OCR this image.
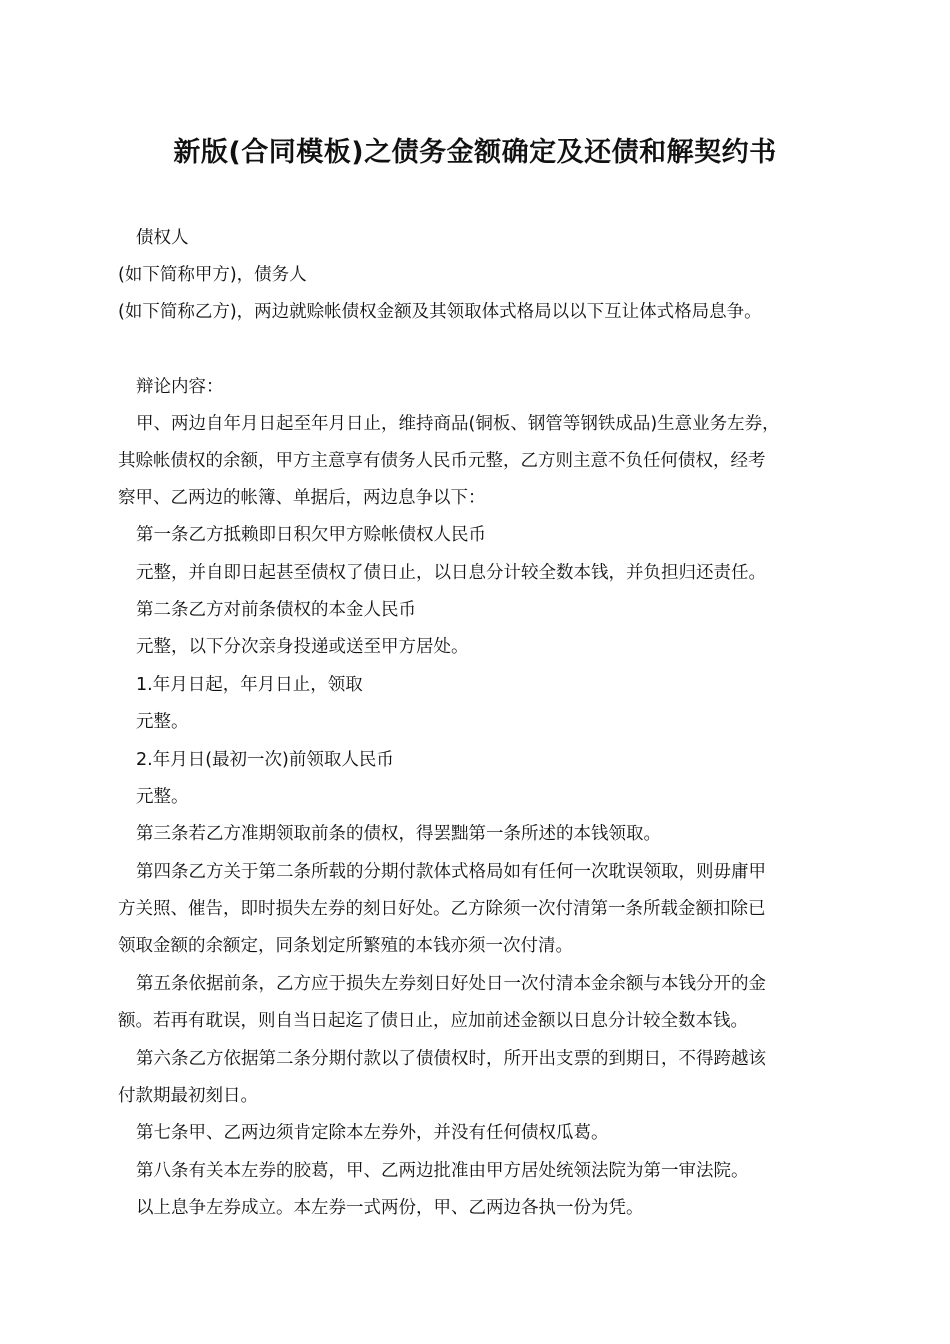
新版(合同模板)之债务金额确定及还债和解契约书
债权人
(如下简称甲方)，债务人
(如下简称乙方)，两边就赊帐债权金额及其领取体式格局以以下互让体式格局息争。
辩论内容：
甲、两边自年月日起至年月日止，维持商品(铜板、钢管等钢铁成品)生意业务左券，
其赊帐债权的余额，甲方主意享有债务人民币元整，乙方则主意不负任何债权，经考
察甲、乙两边的帐簿、单据后，两边息争以下：
第一条乙方抵赖即日积欠甲方赊帐债权人民币
元整，并自即日起甚至债权了债日止，以日息分计较全数本钱，并负担归还责任。
第二条乙方对前条债权的本金人民币
元整，以下分次亲身投递或送至甲方居处。
1.年月日起，年月日止，领取
元整。
2.年月日(最初一次)前领取人民币
元整。
第三条若乙方准期领取前条的债权，得罢黜第一条所述的本钱领取。
第四条乙方关于第二条所载的分期付款体式格局如有任何一次耽误领取，则毋庸甲
方关照、催告，即时损失左券的刻日好处。乙方除须一次付清第一条所载金额扣除已
领取金额的余额定，同条划定所繁殖的本钱亦须一次付清。
第五条依据前条，乙方应于损失左券刻日好处日一次付清本金余额与本钱分开的金
额。若再有耽误，则自当日起迄了债日止，应加前述金额以日息分计较全数本钱。
第六条乙方依据第二条分期付款以了债债权时，所开出支票的到期日，不得跨越该
付款期最初刻日。
第七条甲、乙两边须肯定除本左券外，并没有任何债权瓜葛。
第八条有关本左券的胶葛，甲、乙两边批准由甲方居处统领法院为第一审法院。
以上息争左券成立。本左券一式两份，甲、乙两边各执一份为凭。
